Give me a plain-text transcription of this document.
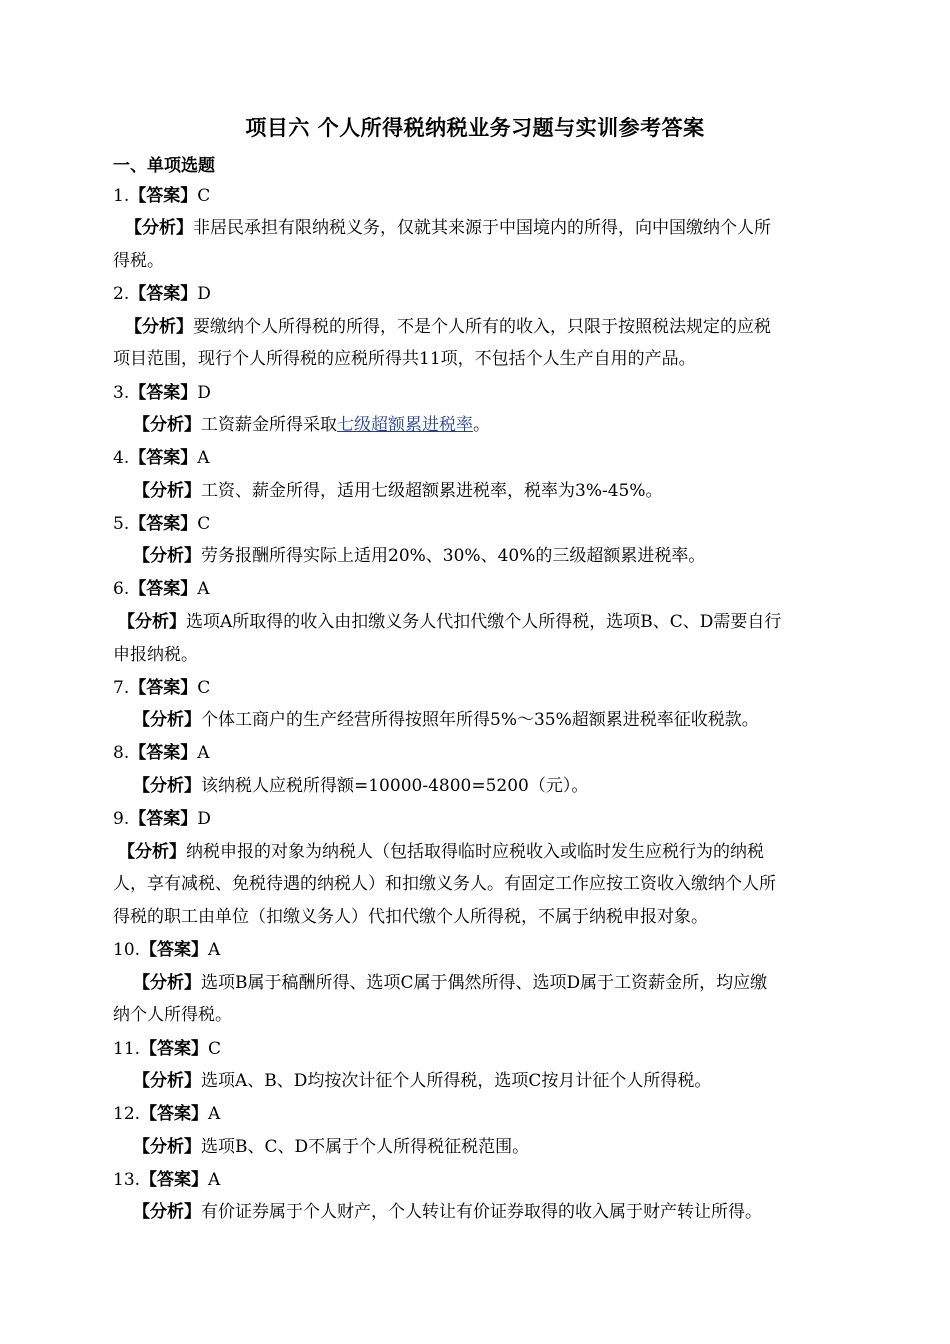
项目六 个人所得税纳税业务习题与实训参考答案
一、单项选题
1.【答案】C
【分析】非居民承担有限纳税义务，仅就其来源于中国境内的所得，向中国缴纳个人所
得税。
2.【答案】D
【分析】要缴纳个人所得税的所得，不是个人所有的收入，只限于按照税法规定的应税
项目范围，现行个人所得税的应税所得共11项，不包括个人生产自用的产品。
3.【答案】D
【分析】工资薪金所得采取七级超额累进税率。
4.【答案】A
【分析】工资、薪金所得，适用七级超额累进税率，税率为3%-45%。
5.【答案】C
【分析】劳务报酬所得实际上适用20%、30%、40%的三级超额累进税率。
6.【答案】A
【分析】选项A所取得的收入由扣缴义务人代扣代缴个人所得税，选项B、C、D需要自行
申报纳税。
7.【答案】C
【分析】个体工商户的生产经营所得按照年所得5%～35%超额累进税率征收税款。
8.【答案】A
【分析】该纳税人应税所得额=10000-4800=5200（元）。
9.【答案】D
【分析】纳税申报的对象为纳税人（包括取得临时应税收入或临时发生应税行为的纳税
人，享有减税、免税待遇的纳税人）和扣缴义务人。有固定工作应按工资收入缴纳个人所
得税的职工由单位（扣缴义务人）代扣代缴个人所得税，不属于纳税申报对象。
10.【答案】A
【分析】选项B属于稿酬所得、选项C属于偶然所得、选项D属于工资薪金所，均应缴
纳个人所得税。
11.【答案】C
【分析】选项A、B、D均按次计征个人所得税，选项C按月计征个人所得税。
12.【答案】A
【分析】选项B、C、D不属于个人所得税征税范围。
13.【答案】A
【分析】有价证券属于个人财产，个人转让有价证券取得的收入属于财产转让所得。
